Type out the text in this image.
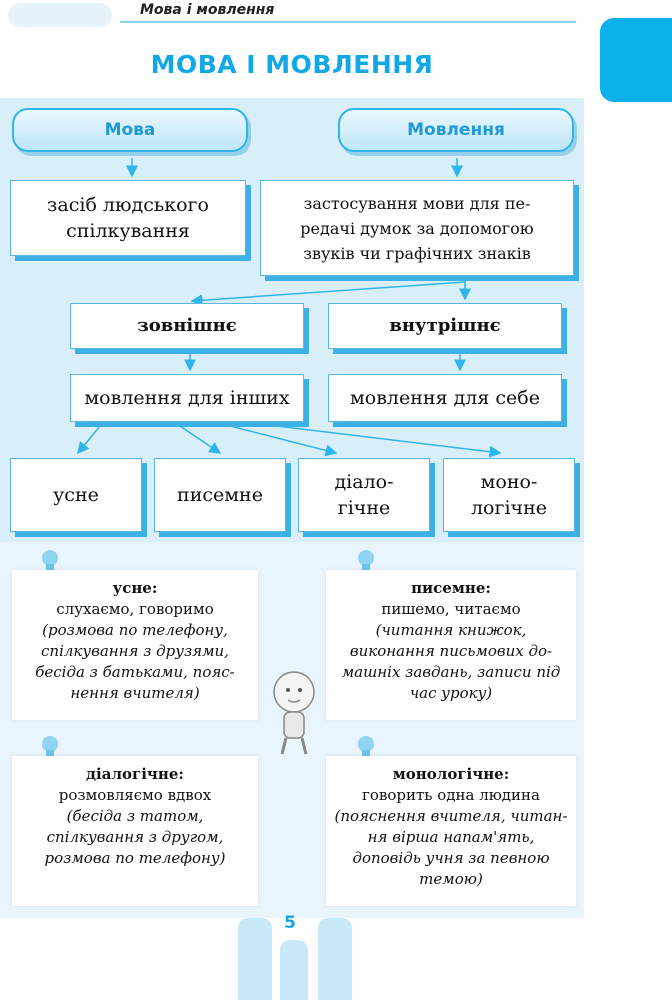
Мова і мовлення
МОВА І МОВЛЕННЯ
Мова	Мовлення
засіб людського
спілкування
застосування мови для пе-
редачі думок за допомогою
звуків чи графічних знаків
зовнішнє	внутрішнє
мовлення для інших	мовлення для себе
усне	писемне
діало-
гічне
моно-
логічне
усне:
слухаємо, говоримо
(розмова по телефону,
спілкування з друзями,
бесіда з батьками, пояс-
нення вчителя)
писемне:
пишемо, читаємо
(читання книжок,
виконання письмових до-
машніх завдань, записи під
час уроку)
діалогічне:
розмовляємо вдвох
(бесіда з татом,
спілкування з другом,
розмова по телефону)
монологічне:
говорить одна людина
(пояснення вчителя, читан-
ня вірша напам'ять,
доповідь учня за певною
темою)
5
